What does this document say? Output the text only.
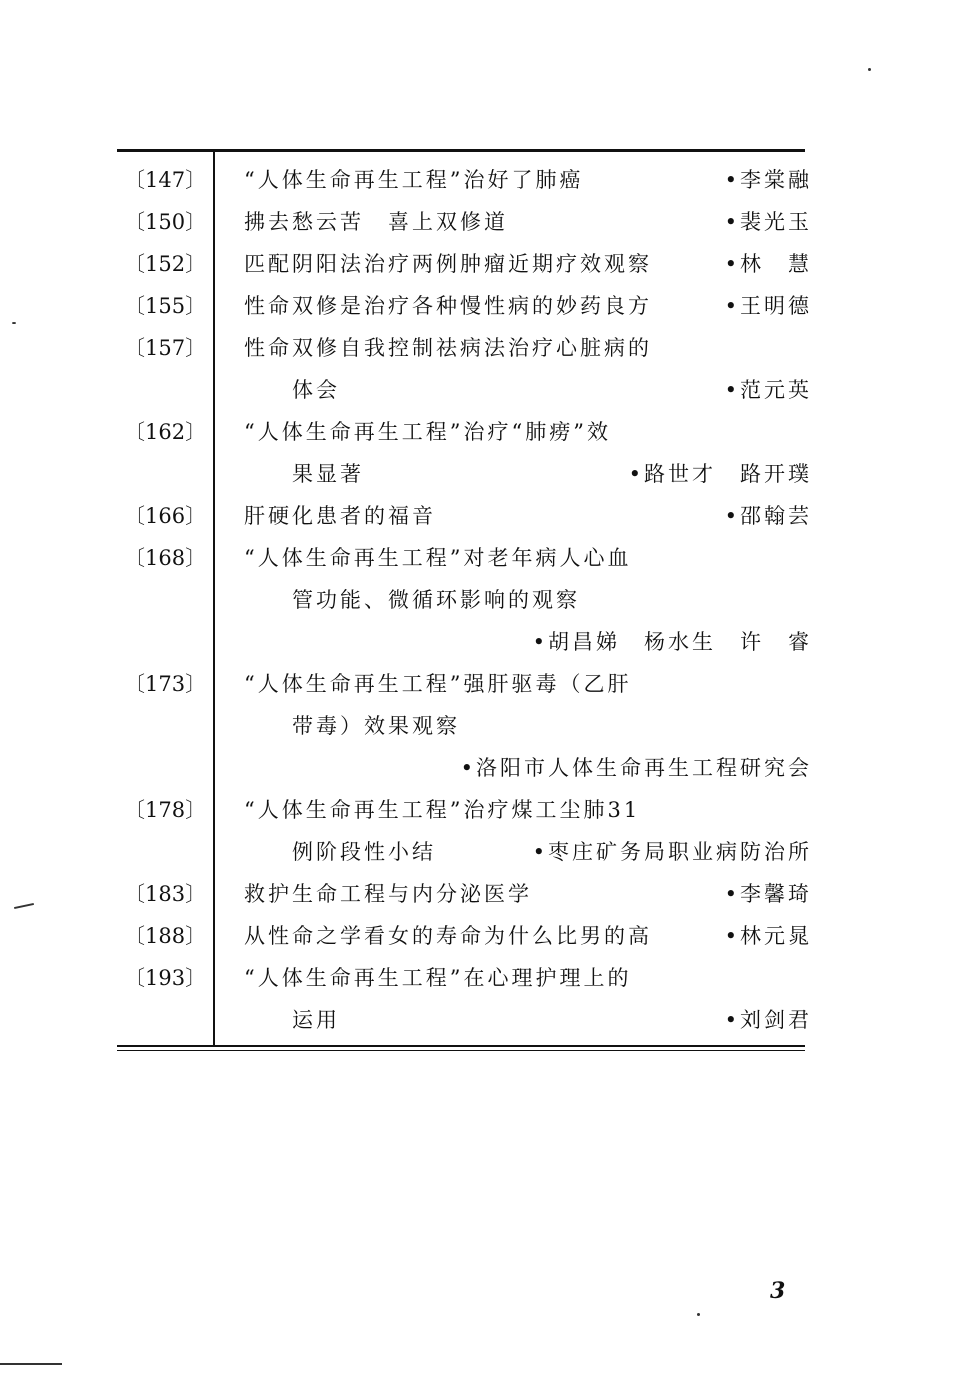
〔147〕 “人体生命再生工程”治好了肺癌	•李棠融
〔150〕 拂去愁云苦　喜上双修道	•裴光玉
〔152〕 匹配阴阳法治疗两例肿瘤近期疗效观察	•林　慧
〔155〕 性命双修是治疗各种慢性病的妙药良方	•王明德
〔157〕 性命双修自我控制祛病法治疗心脏病的
体会	•范元英
〔162〕 “人体生命再生工程”治疗“肺痨”效
果显著	•路世才　路开璞
〔166〕 肝硬化患者的福音	•邵翰芸
〔168〕 “人体生命再生工程”对老年病人心血
管功能、微循环影响的观察
•胡昌娣　杨水生　许　睿
〔173〕 “人体生命再生工程”强肝驱毒（乙肝
带毒）效果观察
•洛阳市人体生命再生工程研究会
〔178〕 “人体生命再生工程”治疗煤工尘肺31
例阶段性小结	•枣庄矿务局职业病防治所
〔183〕 救护生命工程与内分泌医学	•李馨琦
〔188〕 从性命之学看女的寿命为什么比男的高	•林元晁
〔193〕 “人体生命再生工程”在心理护理上的
运用	•刘剑君
3
